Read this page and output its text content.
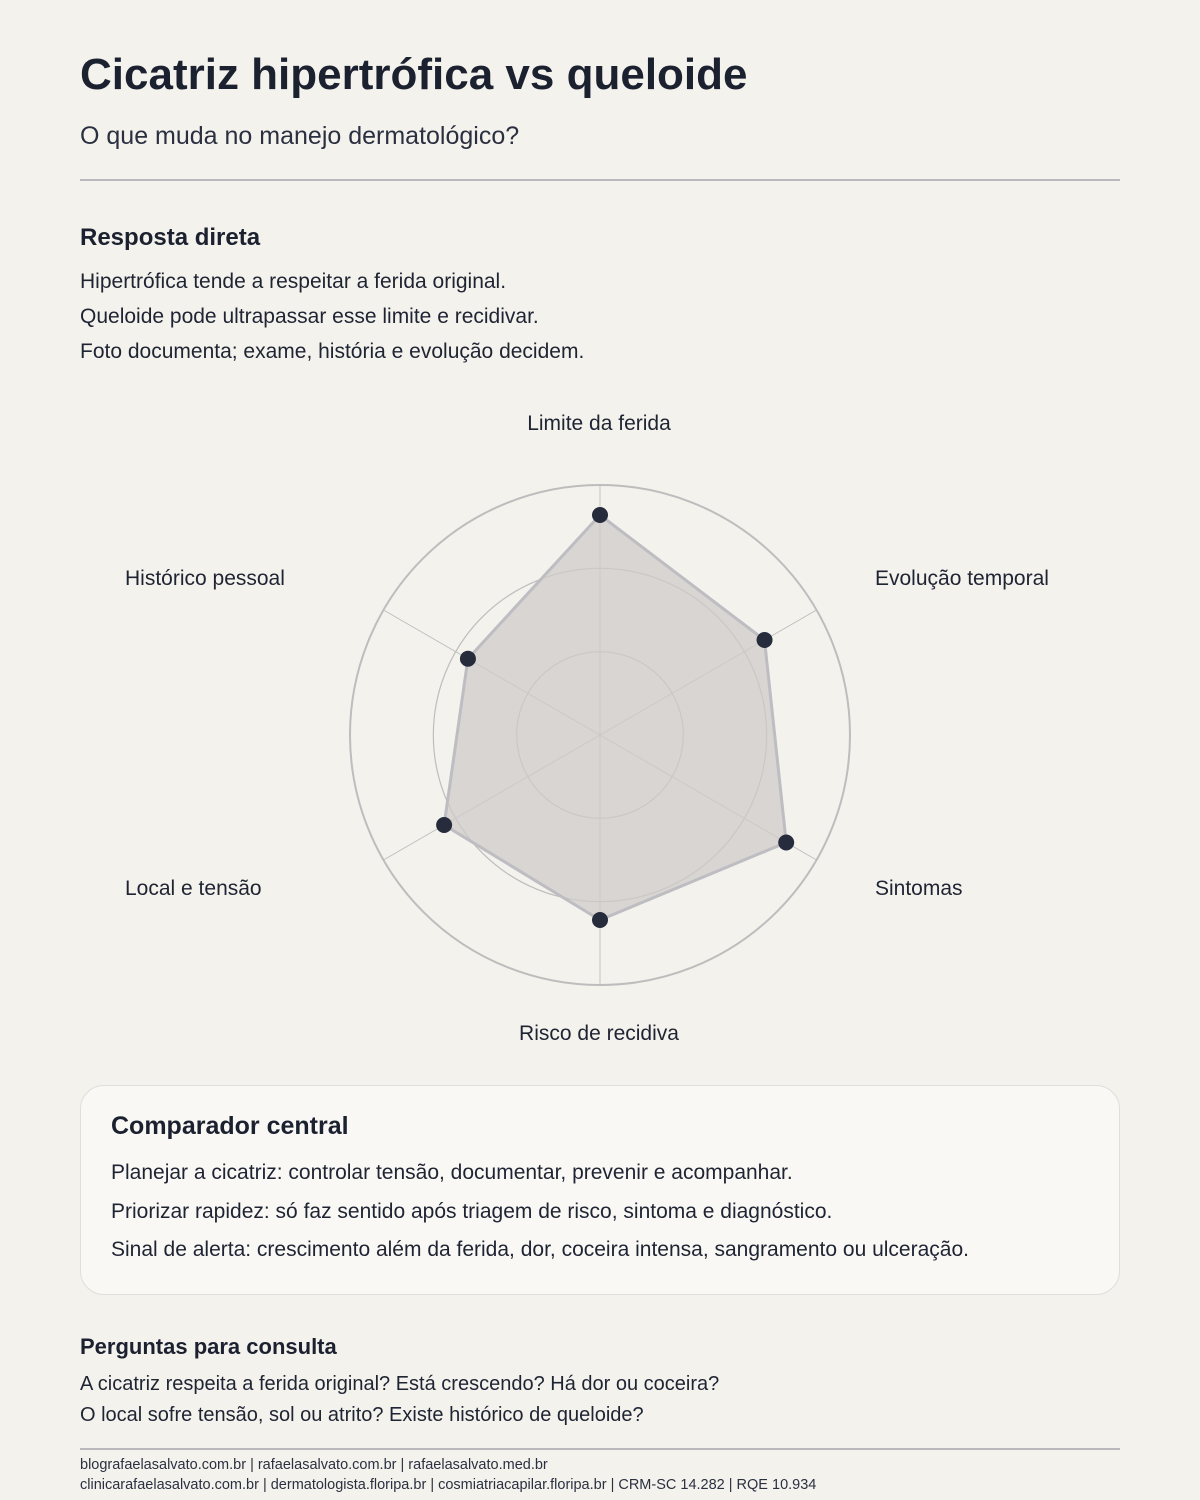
Cicatriz hipertrófica vs queloide

O que muda no manejo dermatológico?

Resposta direta
Hipertrófica tende a respeitar a ferida original.
Queloide pode ultrapassar esse limite e recidivar.
Foto documenta; exame, história e evolução decidem.
Limite da ferida
Evolução temporal
Sintomas
Risco de recidiva
Local e tensão
Histórico pessoal
Comparador central
Planejar a cicatriz: controlar tensão, documentar, prevenir e acompanhar.
Priorizar rapidez: só faz sentido após triagem de risco, sintoma e diagnóstico.
Sinal de alerta: crescimento além da ferida, dor, coceira intensa, sangramento ou ulceração.
Perguntas para consulta
A cicatriz respeita a ferida original? Está crescendo? Há dor ou coceira?
O local sofre tensão, sol ou atrito? Existe histórico de queloide?
blografaelasalvato.com.br | rafaelasalvato.com.br | rafaelasalvato.med.br
clinicarafaelasalvato.com.br | dermatologista.floripa.br | cosmiatriacapilar.floripa.br | CRM-SC 14.282 | RQE 10.934
